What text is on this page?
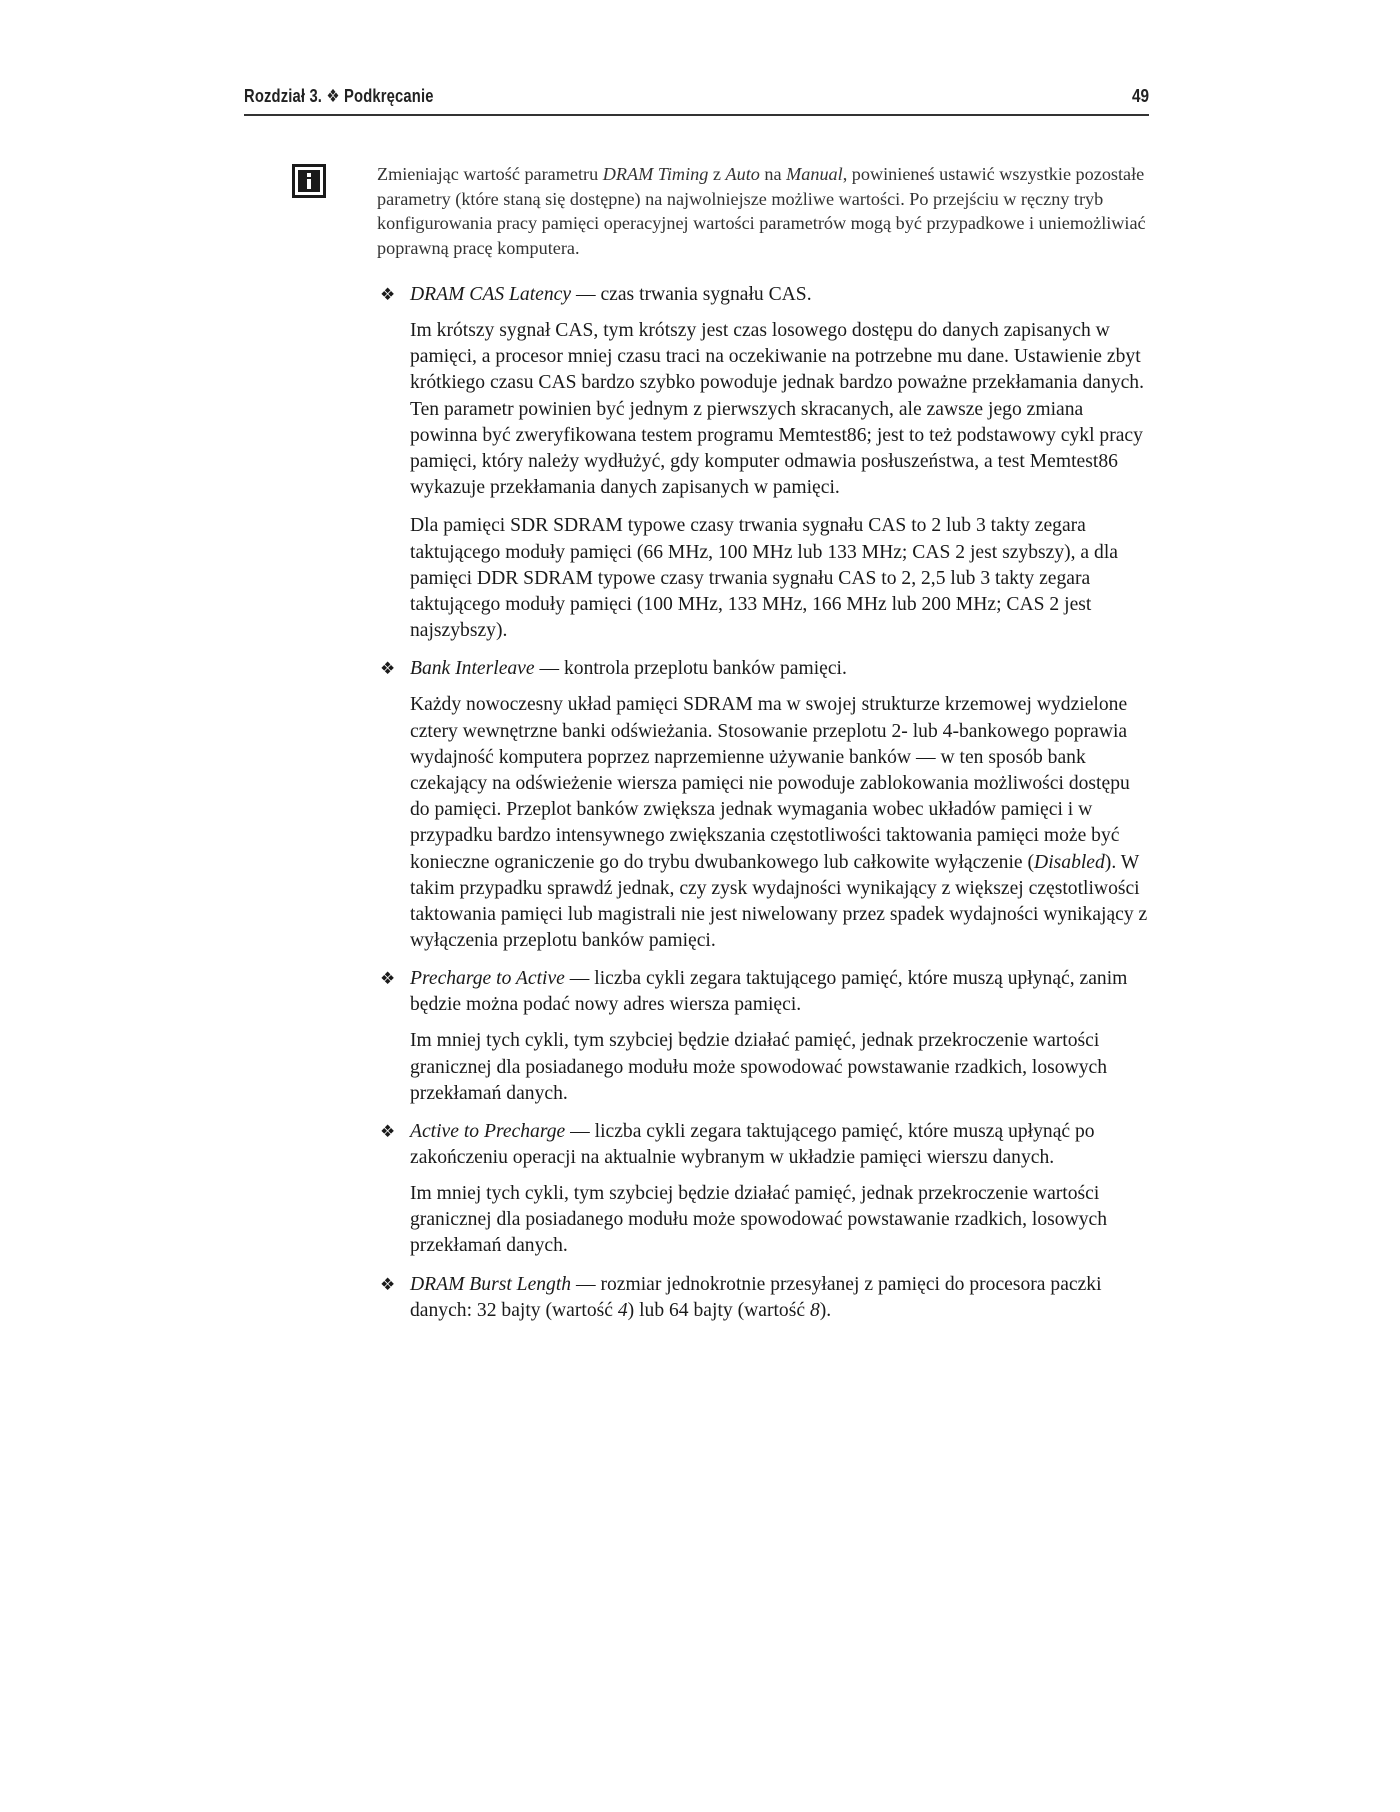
Rozdział 3. ❖ Podkręcanie	49
Zmieniając wartość parametru DRAM Timing z Auto na Manual, powinieneś ustawić wszystkie pozostałe parametry (które staną się dostępne) na najwolniejsze możliwe wartości. Po przejściu w ręczny tryb konfigurowania pracy pamięci operacyjnej wartości parametrów mogą być przypadkowe i uniemożliwiać poprawną pracę komputera.
❖ DRAM CAS Latency — czas trwania sygnału CAS.

Im krótszy sygnał CAS, tym krótszy jest czas losowego dostępu do danych zapisanych w pamięci, a procesor mniej czasu traci na oczekiwanie na potrzebne mu dane. Ustawienie zbyt krótkiego czasu CAS bardzo szybko powoduje jednak bardzo poważne przekłamania danych. Ten parametr powinien być jednym z pierwszych skracanych, ale zawsze jego zmiana powinna być zweryfikowana testem programu Memtest86; jest to też podstawowy cykl pracy pamięci, który należy wydłużyć, gdy komputer odmawia posłuszeństwa, a test Memtest86 wykazuje przekłamania danych zapisanych w pamięci.

Dla pamięci SDR SDRAM typowe czasy trwania sygnału CAS to 2 lub 3 takty zegara taktującego moduły pamięci (66 MHz, 100 MHz lub 133 MHz; CAS 2 jest szybszy), a dla pamięci DDR SDRAM typowe czasy trwania sygnału CAS to 2, 2,5 lub 3 takty zegara taktującego moduły pamięci (100 MHz, 133 MHz, 166 MHz lub 200 MHz; CAS 2 jest najszybszy).

❖ Bank Interleave — kontrola przeplotu banków pamięci.

Każdy nowoczesny układ pamięci SDRAM ma w swojej strukturze krzemowej wydzielone cztery wewnętrzne banki odświeżania. Stosowanie przeplotu 2- lub 4-bankowego poprawia wydajność komputera poprzez naprzemienne używanie banków — w ten sposób bank czekający na odświeżenie wiersza pamięci nie powoduje zablokowania możliwości dostępu do pamięci. Przeplot banków zwiększa jednak wymagania wobec układów pamięci i w przypadku bardzo intensywnego zwiększania częstotliwości taktowania pamięci może być konieczne ograniczenie go do trybu dwubankowego lub całkowite wyłączenie (Disabled). W takim przypadku sprawdź jednak, czy zysk wydajności wynikający z większej częstotliwości taktowania pamięci lub magistrali nie jest niwelowany przez spadek wydajności wynikający z wyłączenia przeplotu banków pamięci.

❖ Precharge to Active — liczba cykli zegara taktującego pamięć, które muszą upłynąć, zanim będzie można podać nowy adres wiersza pamięci.

Im mniej tych cykli, tym szybciej będzie działać pamięć, jednak przekroczenie wartości granicznej dla posiadanego modułu może spowodować powstawanie rzadkich, losowych przekłamań danych.

❖ Active to Precharge — liczba cykli zegara taktującego pamięć, które muszą upłynąć po zakończeniu operacji na aktualnie wybranym w układzie pamięci wierszu danych.

Im mniej tych cykli, tym szybciej będzie działać pamięć, jednak przekroczenie wartości granicznej dla posiadanego modułu może spowodować powstawanie rzadkich, losowych przekłamań danych.

❖ DRAM Burst Length — rozmiar jednokrotnie przesyłanej z pamięci do procesora paczki danych: 32 bajty (wartość 4) lub 64 bajty (wartość 8).
